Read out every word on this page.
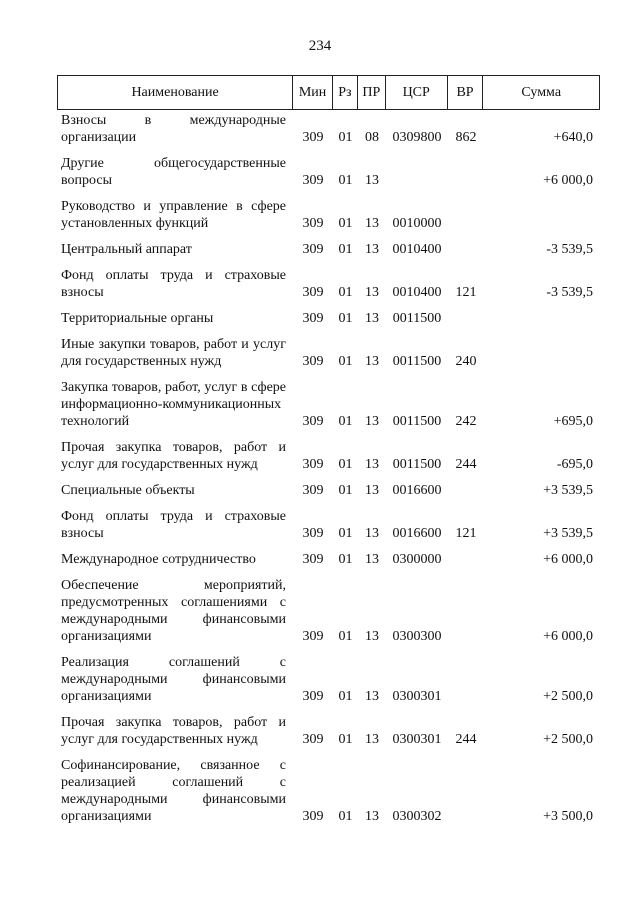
234
Наименование	Мин Рз ПР	ЦСР	ВР	Сумма
Взносы в международные организации	309	01 08 0309800	862	+640,0
Другие общегосударственные вопросы	309	01 13	+6 000,0
Руководство и управление в сфере установленных функций	309	01 13 0010000
Центральный аппарат	309	01 13 0010400	-3 539,5
Фонд оплаты труда и страховые взносы	309	01 13 0010400	121	-3 539,5
Территориальные органы	309	01 13 0011500
Иные закупки товаров, работ и услуг для государственных нужд	309	01 13 0011500	240
Закупка товаров, работ, услуг в сфере информационно-коммуникационных технологий	309	01 13 0011500	242	+695,0
Прочая закупка товаров, работ и услуг для государственных нужд	309	01 13 0011500	244	-695,0
Специальные объекты	309	01 13 0016600	+3 539,5
Фонд оплаты труда и страховые взносы	309	01 13 0016600	121	+3 539,5
Международное сотрудничество	309	01 13 0300000	+6 000,0
Обеспечение мероприятий, предусмотренных соглашениями с международными финансовыми организациями	309	01 13 0300300	+6 000,0
Реализация соглашений с международными финансовыми организациями	309	01 13 0300301	+2 500,0
Прочая закупка товаров, работ и услуг для государственных нужд	309	01 13 0300301	244	+2 500,0
Софинансирование, связанное с реализацией соглашений с международными финансовыми организациями	309	01 13 0300302	+3 500,0
